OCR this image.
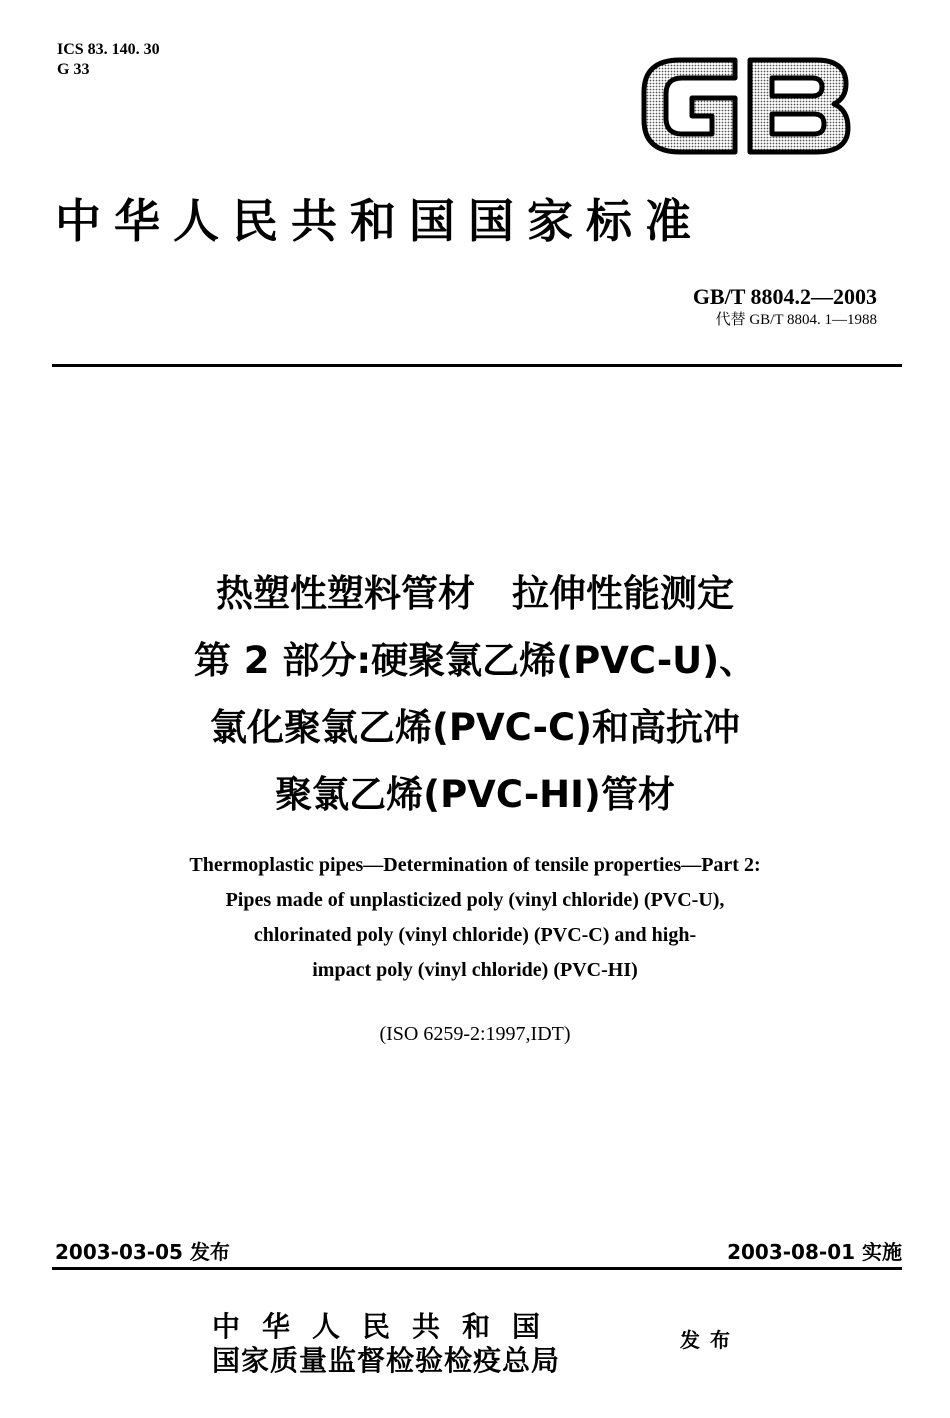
ICS 83. 140. 30
G 33
中华人民共和国国家标准
GB/T 8804.2—2003
代替 GB/T 8804. 1—1988
热塑性塑料管材　拉伸性能测定
第 2 部分:硬聚氯乙烯(PVC-U)、
氯化聚氯乙烯(PVC-C)和高抗冲
聚氯乙烯(PVC-HI)管材
Thermoplastic pipes—Determination of tensile properties—Part 2:
Pipes made of unplasticized poly (vinyl chloride) (PVC-U),
chlorinated poly (vinyl chloride) (PVC-C) and high-
impact poly (vinyl chloride) (PVC-HI)
(ISO 6259-2:1997,IDT)
2003-03-05 发布	2003-08-01 实施
中华人民共和国
国家质量监督检验检疫总局
发布
